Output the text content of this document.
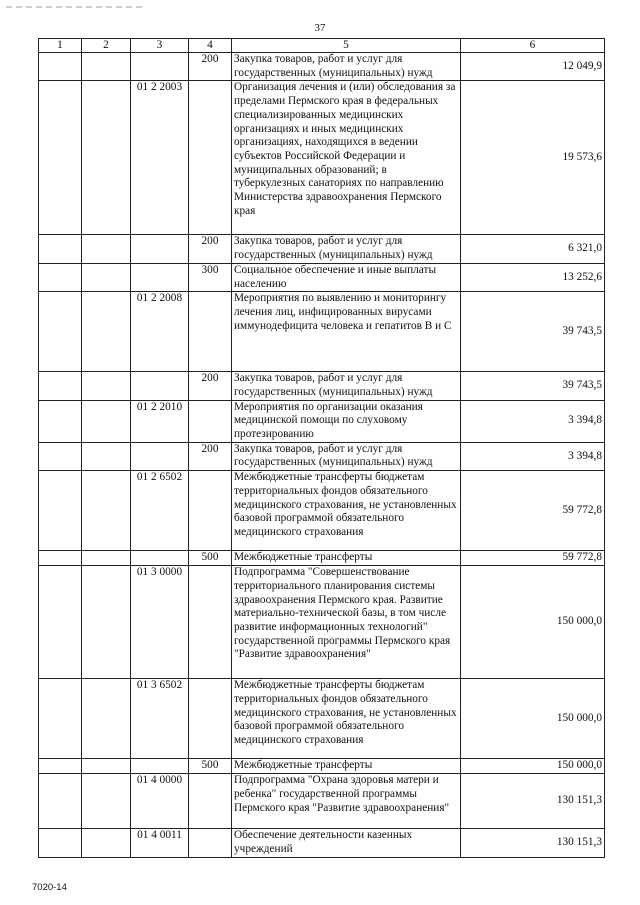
37
1	2	3	4	5	6
			200	Закупка товаров, работ и услуг для государственных (муниципальных) нужд	12 049,9
		01 2 2003		Организация лечения и (или) обследования за пределами Пермского края в федеральных специализированных медицинских организациях и иных медицинских организациях, находящихся в ведении субъектов Российской Федерации и муниципальных образований; в туберкулезных санаториях по направлению Министерства здравоохранения Пермского края	19 573,6
			200	Закупка товаров, работ и услуг для государственных (муниципальных) нужд	6 321,0
			300	Социальное обеспечение и иные выплаты населению	13 252,6
		01 2 2008		Мероприятия по выявлению и мониторингу лечения лиц, инфицированных вирусами иммунодефицита человека и гепатитов В и С	39 743,5
			200	Закупка товаров, работ и услуг для государственных (муниципальных) нужд	39 743,5
		01 2 2010		Мероприятия по организации оказания медицинской помощи по слуховому протезированию	3 394,8
			200	Закупка товаров, работ и услуг для государственных (муниципальных) нужд	3 394,8
		01 2 6502		Межбюджетные трансферты бюджетам территориальных фондов обязательного медицинского страхования, не установленных базовой программой обязательного медицинского страхования	59 772,8
			500	Межбюджетные трансферты	59 772,8
		01 3 0000		Подпрограмма "Совершенствование территориального планирования системы здравоохранения Пермского края. Развитие материально-технической базы, в том числе развитие информационных технологий" государственной программы Пермского края "Развитие здравоохранения"	150 000,0
		01 3 6502		Межбюджетные трансферты бюджетам территориальных фондов обязательного медицинского страхования, не установленных базовой программой обязательного медицинского страхования	150 000,0
			500	Межбюджетные трансферты	150 000,0
		01 4 0000		Подпрограмма "Охрана здоровья матери и ребенка" государственной программы Пермского края "Развитие здравоохранения"	130 151,3
		01 4 0011		Обеспечение деятельности казенных учреждений	130 151,3
7020-14
